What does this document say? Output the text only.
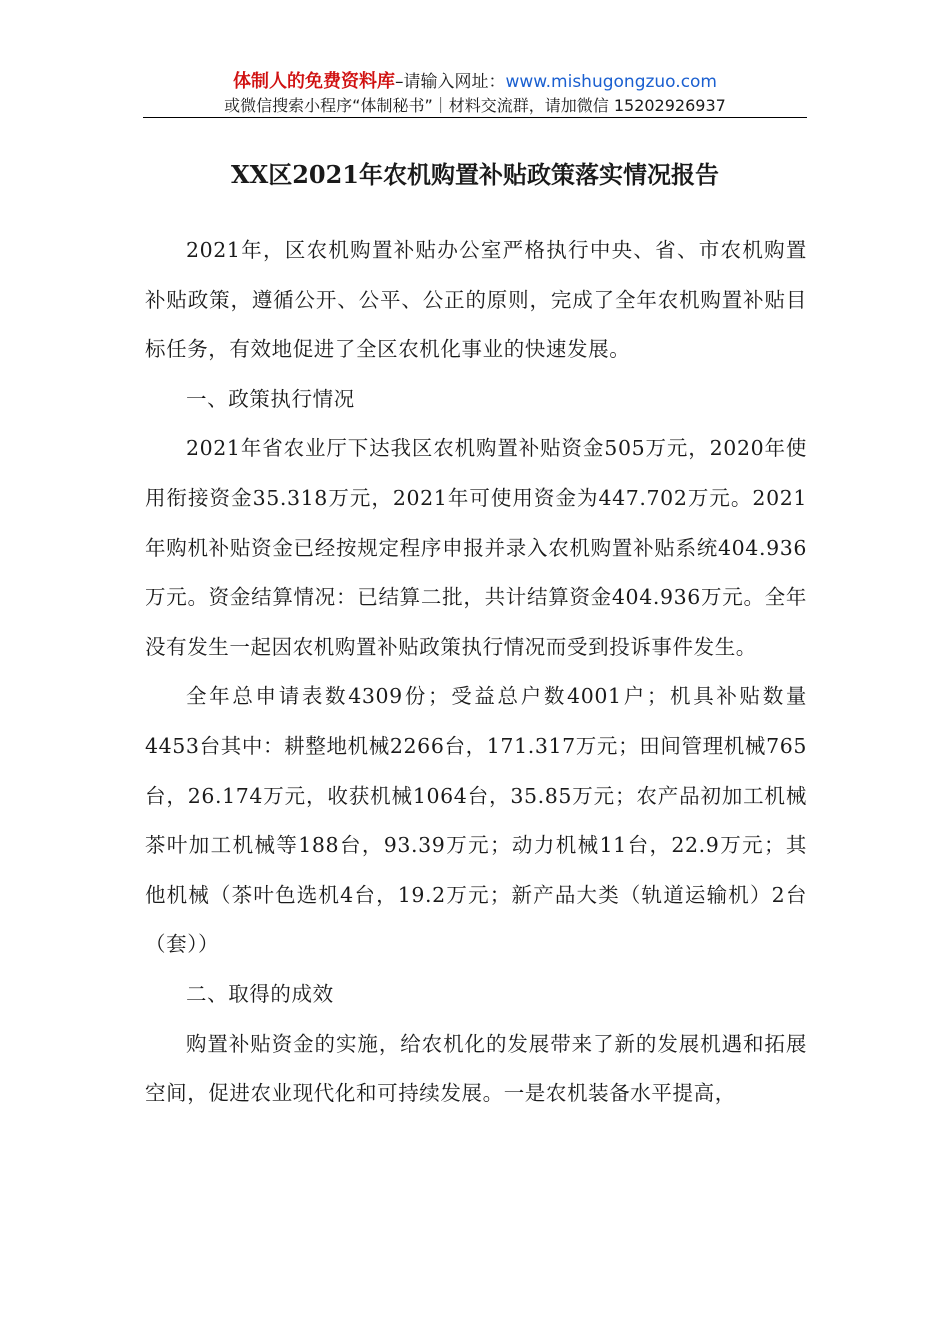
体制人的免费资料库–请输入网址：www.mishugongzuo.com
或微信搜索小程序“体制秘书”｜材料交流群，请加微信 15202926937
XX区2021年农机购置补贴政策落实情况报告

2021年，区农机购置补贴办公室严格执行中央、省、市农机购置补贴政策，遵循公开、公平、公正的原则，完成了全年农机购置补贴目标任务，有效地促进了全区农机化事业的快速发展。

一、政策执行情况

2021年省农业厅下达我区农机购置补贴资金505万元，2020年使用衔接资金35.318万元，2021年可使用资金为447.702万元。2021年购机补贴资金已经按规定程序申报并录入农机购置补贴系统404.936万元。资金结算情况：已结算二批，共计结算资金404.936万元。全年没有发生一起因农机购置补贴政策执行情况而受到投诉事件发生。

全年总申请表数4309份；受益总户数4001户；机具补贴数量4453台其中：耕整地机械2266台，171.317万元；田间管理机械765台，26.174万元，收获机械1064台，35.85万元；农产品初加工机械茶叶加工机械等188台，93.39万元；动力机械11台，22.9万元；其他机械（茶叶色选机4台，19.2万元；新产品大类（轨道运输机）2台（套））

二、取得的成效

购置补贴资金的实施，给农机化的发展带来了新的发展机遇和拓展空间，促进农业现代化和可持续发展。一是农机装备水平提高，
